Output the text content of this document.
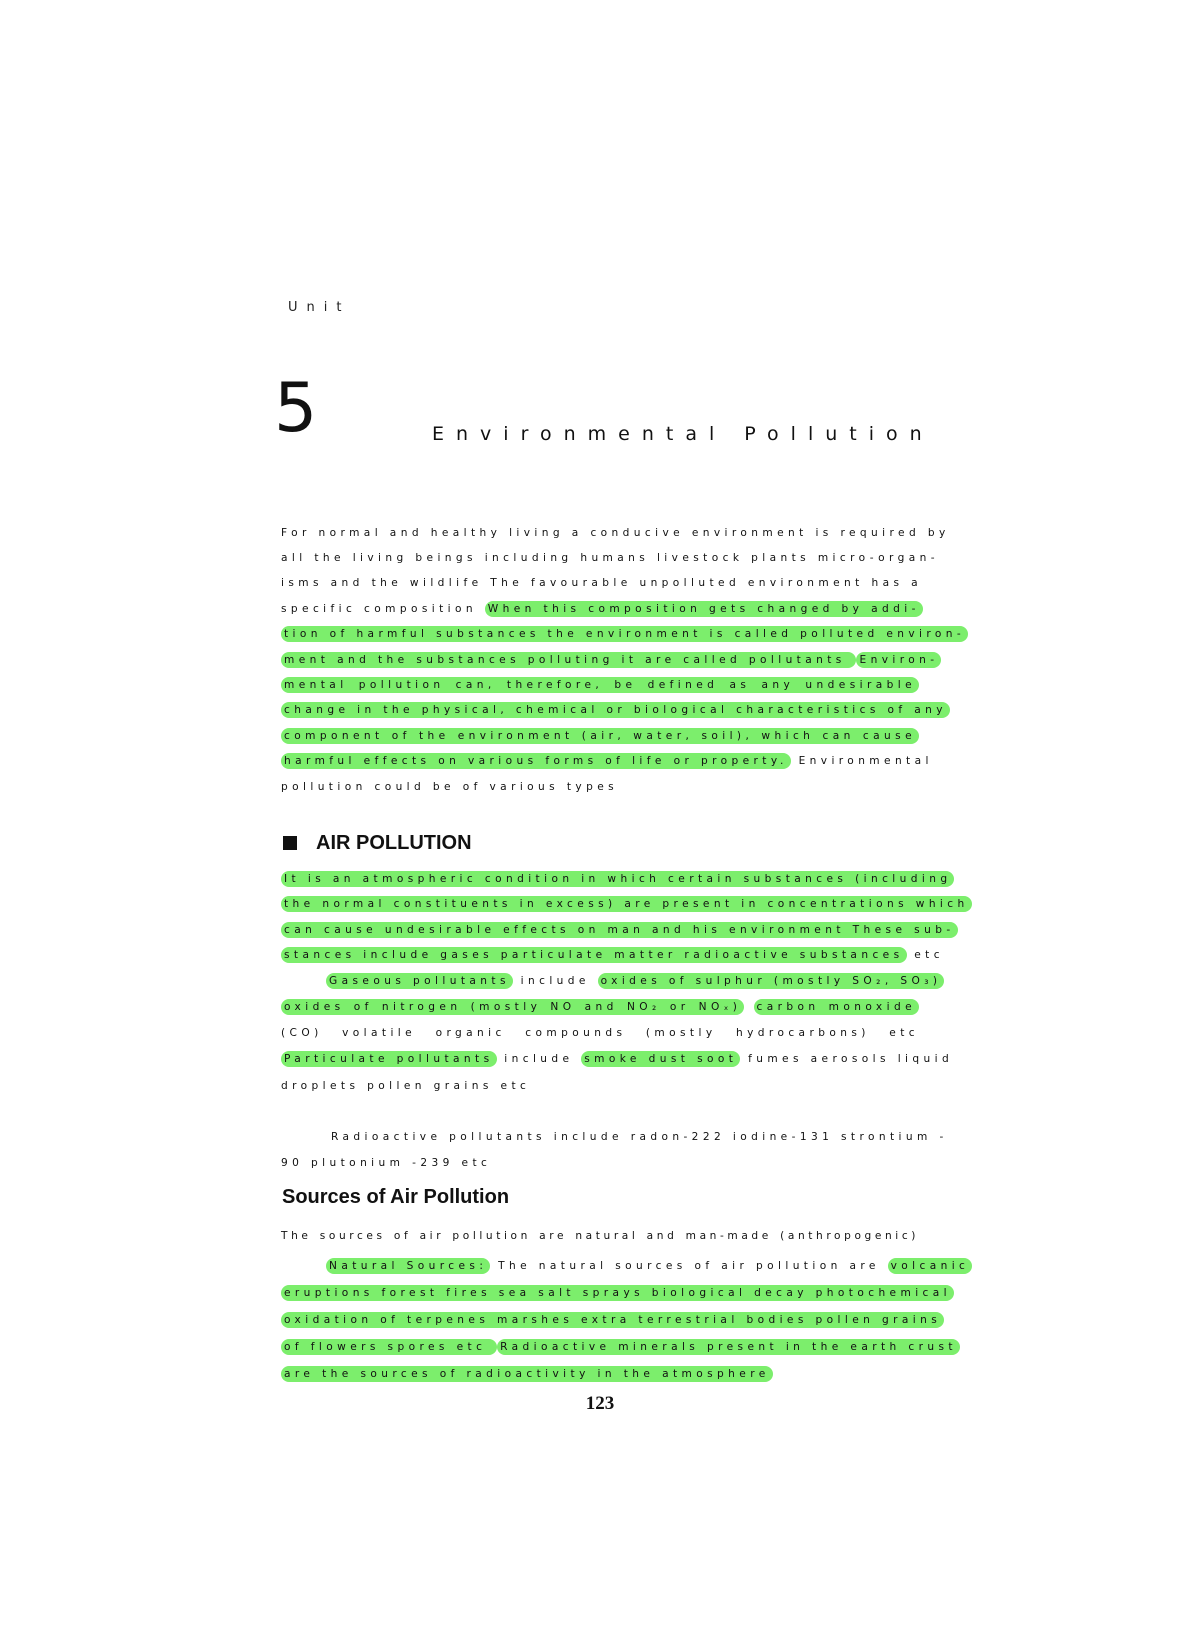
Unit
5	Environmental Pollution
For normal and healthy living a conducive environment is required by
all the living beings including humans livestock plants micro-organ-
isms and the wildlife The favourable unpolluted environment has a
specific composition When this composition gets changed by addi-
tion of harmful substances the environment is called polluted environ-
ment and the substances polluting it are called pollutants Environ-
mental pollution can, therefore, be defined as any undesirable
change in the physical, chemical or biological characteristics of any
component of the environment (air, water, soil), which can cause
harmful effects on various forms of life or property. Environmental
pollution could be of various types
AIR POLLUTION
It is an atmospheric condition in which certain substances (including
the normal constituents in excess) are present in concentrations which
can cause undesirable effects on man and his environment These sub-
stances include gases particulate matter radioactive substances etc
Gaseous pollutants include oxides of sulphur (mostly SO₂, SO₃)
oxides of nitrogen (mostly NO and NO₂ or NOₓ) carbon monoxide
(CO) volatile organic compounds (mostly hydrocarbons) etc
Particulate pollutants include smoke dust soot fumes aerosols liquid
droplets pollen grains etc
Radioactive pollutants include radon-222 iodine-131 strontium -
90 plutonium -239 etc
Sources of Air Pollution
The sources of air pollution are natural and man-made (anthropogenic)
Natural Sources: The natural sources of air pollution are volcanic
eruptions forest fires sea salt sprays biological decay photochemical
oxidation of terpenes marshes extra terrestrial bodies pollen grains
of flowers spores etc Radioactive minerals present in the earth crust
are the sources of radioactivity in the atmosphere
123
